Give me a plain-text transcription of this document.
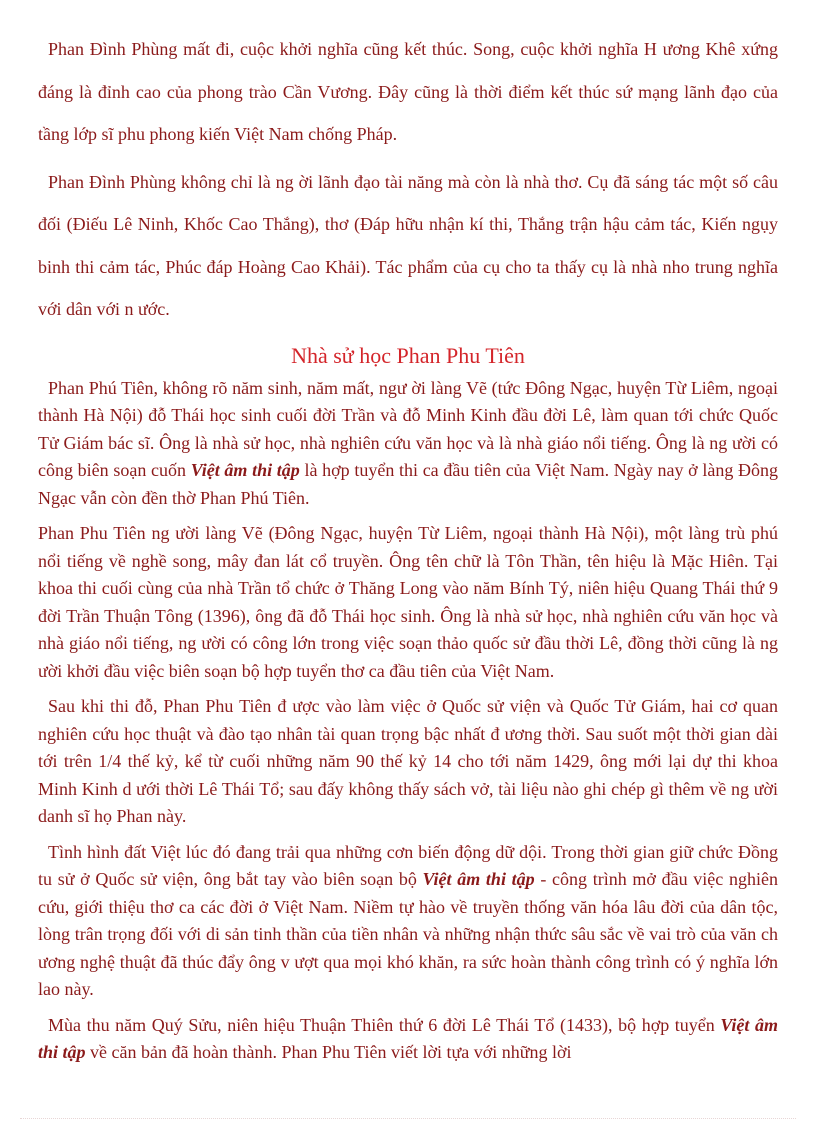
Phan Đình Phùng mất đi, cuộc khởi nghĩa cũng kết thúc. Song, cuộc khởi nghĩa H ương Khê xứng đáng là đỉnh cao của phong trào Cần Vương. Đây cũng là thời điểm kết thúc sứ mạng lãnh đạo của tầng lớp sĩ phu phong kiến Việt Nam chống Pháp.

Phan Đình Phùng không chỉ là ng ời lãnh đạo tài năng mà còn là nhà thơ. Cụ đã sáng tác một số câu đối (Điếu Lê Ninh, Khốc Cao Thắng), thơ (Đáp hữu nhận kí thi, Thắng trận hậu cảm tác, Kiến ngụy binh thi cảm tác, Phúc đáp Hoàng Cao Khải). Tác phẩm của cụ cho ta thấy cụ là nhà nho trung nghĩa với dân với n ước.

Nhà sử học Phan Phu Tiên

Phan Phú Tiên, không rõ năm sinh, năm mất, ngư ời làng Vẽ (tức Đông Ngạc, huyện Từ Liêm, ngoại thành Hà Nội) đỗ Thái học sinh cuối đời Trần và đỗ Minh Kinh đầu đời Lê, làm quan tới chức Quốc Tử Giám bác sĩ. Ông là nhà sử học, nhà nghiên cứu văn học và là nhà giáo nổi tiếng. Ông là ng ười có công biên soạn cuốn Việt âm thi tập là hợp tuyển thi ca đầu tiên của Việt Nam. Ngày nay ở làng Đông Ngạc vẫn còn đền thờ Phan Phú Tiên.

Phan Phu Tiên ng ười làng Vẽ (Đông Ngạc, huyện Từ Liêm, ngoại thành Hà Nội), một làng trù phú nổi tiếng về nghề song, mây đan lát cổ truyền. Ông tên chữ là Tôn Thần, tên hiệu là Mặc Hiên. Tại khoa thi cuối cùng của nhà Trần tổ chức ở Thăng Long vào năm Bính Tý, niên hiệu Quang Thái thứ 9 đời Trần Thuận Tông (1396), ông đã đỗ Thái học sinh. Ông là nhà sử học, nhà nghiên cứu văn học và nhà giáo nổi tiếng, ng ười có công lớn trong việc soạn thảo quốc sử đầu thời Lê, đồng thời cũng là ng ười khởi đầu việc biên soạn bộ hợp tuyển thơ ca đầu tiên của Việt Nam.

Sau khi thi đỗ, Phan Phu Tiên đ ược vào làm việc ở Quốc sử viện và Quốc Tử Giám, hai cơ quan nghiên cứu học thuật và đào tạo nhân tài quan trọng bậc nhất đ ương thời. Sau suốt một thời gian dài tới trên 1/4 thế kỷ, kể từ cuối những năm 90 thế kỷ 14 cho tới năm 1429, ông mới lại dự thi khoa Minh Kinh d ưới thời Lê Thái Tổ; sau đấy không thấy sách vở, tài liệu nào ghi chép gì thêm về ng ười danh sĩ họ Phan này.

Tình hình đất Việt lúc đó đang trải qua những cơn biến động dữ dội. Trong thời gian giữ chức Đồng tu sử ở Quốc sử viện, ông bắt tay vào biên soạn bộ Việt âm thi tập - công trình mở đầu việc nghiên cứu, giới thiệu thơ ca các đời ở Việt Nam. Niềm tự hào về truyền thống văn hóa lâu đời của dân tộc, lòng trân trọng đối với di sản tinh thần của tiền nhân và những nhận thức sâu sắc về vai trò của văn ch ương nghệ thuật đã thúc đẩy ông v ượt qua mọi khó khăn, ra sức hoàn thành công trình có ý nghĩa lớn lao này.

Mùa thu năm Quý Sửu, niên hiệu Thuận Thiên thứ 6 đời Lê Thái Tổ (1433), bộ hợp tuyển Việt âm thi tập về căn bản đã hoàn thành. Phan Phu Tiên viết lời tựa với những lời
